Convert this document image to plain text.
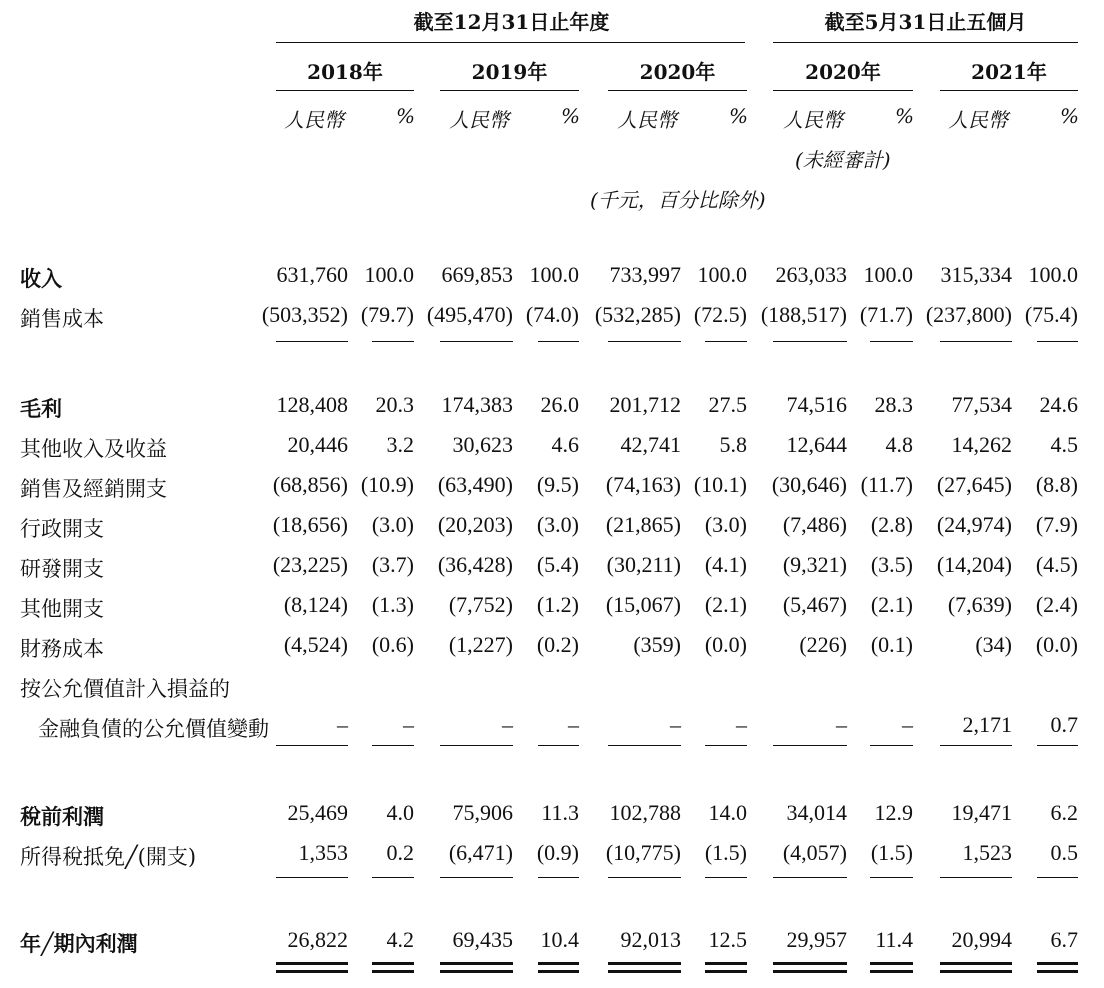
截至12月31日止年度	截至5月31日止五個月
2018年	2019年	2020年	2020年	2021年
人民幣	% 人民幣	% 人民幣	% 人民幣	% 人民幣	%
(未經審計)
(千元，百分比除外)
收入	631,760 100.0 669,853 100.0 733,997 100.0 263,033 100.0 315,334 100.0
銷售成本	(503,352) (79.7) (495,470) (74.0) (532,285) (72.5) (188,517) (71.7) (237,800) (75.4)
毛利	128,408 20.3 174,383 26.0 201,712 27.5 74,516 28.3 77,534 24.6
其他收入及收益	20,446 3.2 30,623 4.6 42,741 5.8 12,644 4.8 14,262 4.5
銷售及經銷開支	(68,856) (10.9) (63,490) (9.5) (74,163) (10.1) (30,646) (11.7) (27,645) (8.8)
行政開支	(18,656) (3.0) (20,203) (3.0) (21,865) (3.0) (7,486) (2.8) (24,974) (7.9)
研發開支	(23,225) (3.7) (36,428) (5.4) (30,211) (4.1) (9,321) (3.5) (14,204) (4.5)
其他開支	(8,124) (1.3) (7,752) (1.2) (15,067) (2.1) (5,467) (2.1) (7,639) (2.4)
財務成本	(4,524) (0.6) (1,227) (0.2) (359) (0.0) (226) (0.1)	(34) (0.0)
按公允價值計入損益的
金融負債的公允價值變動	–	–	–	–	–	–	–	– 2,171 0.7
稅前利潤	25,469 4.0 75,906 11.3 102,788 14.0 34,014 12.9 19,471 6.2
所得稅抵免╱(開支)	1,353 0.2 (6,471) (0.9) (10,775) (1.5) (4,057) (1.5) 1,523 0.5
年╱期內利潤	26,822 4.2 69,435 10.4 92,013 12.5 29,957 11.4 20,994 6.7
